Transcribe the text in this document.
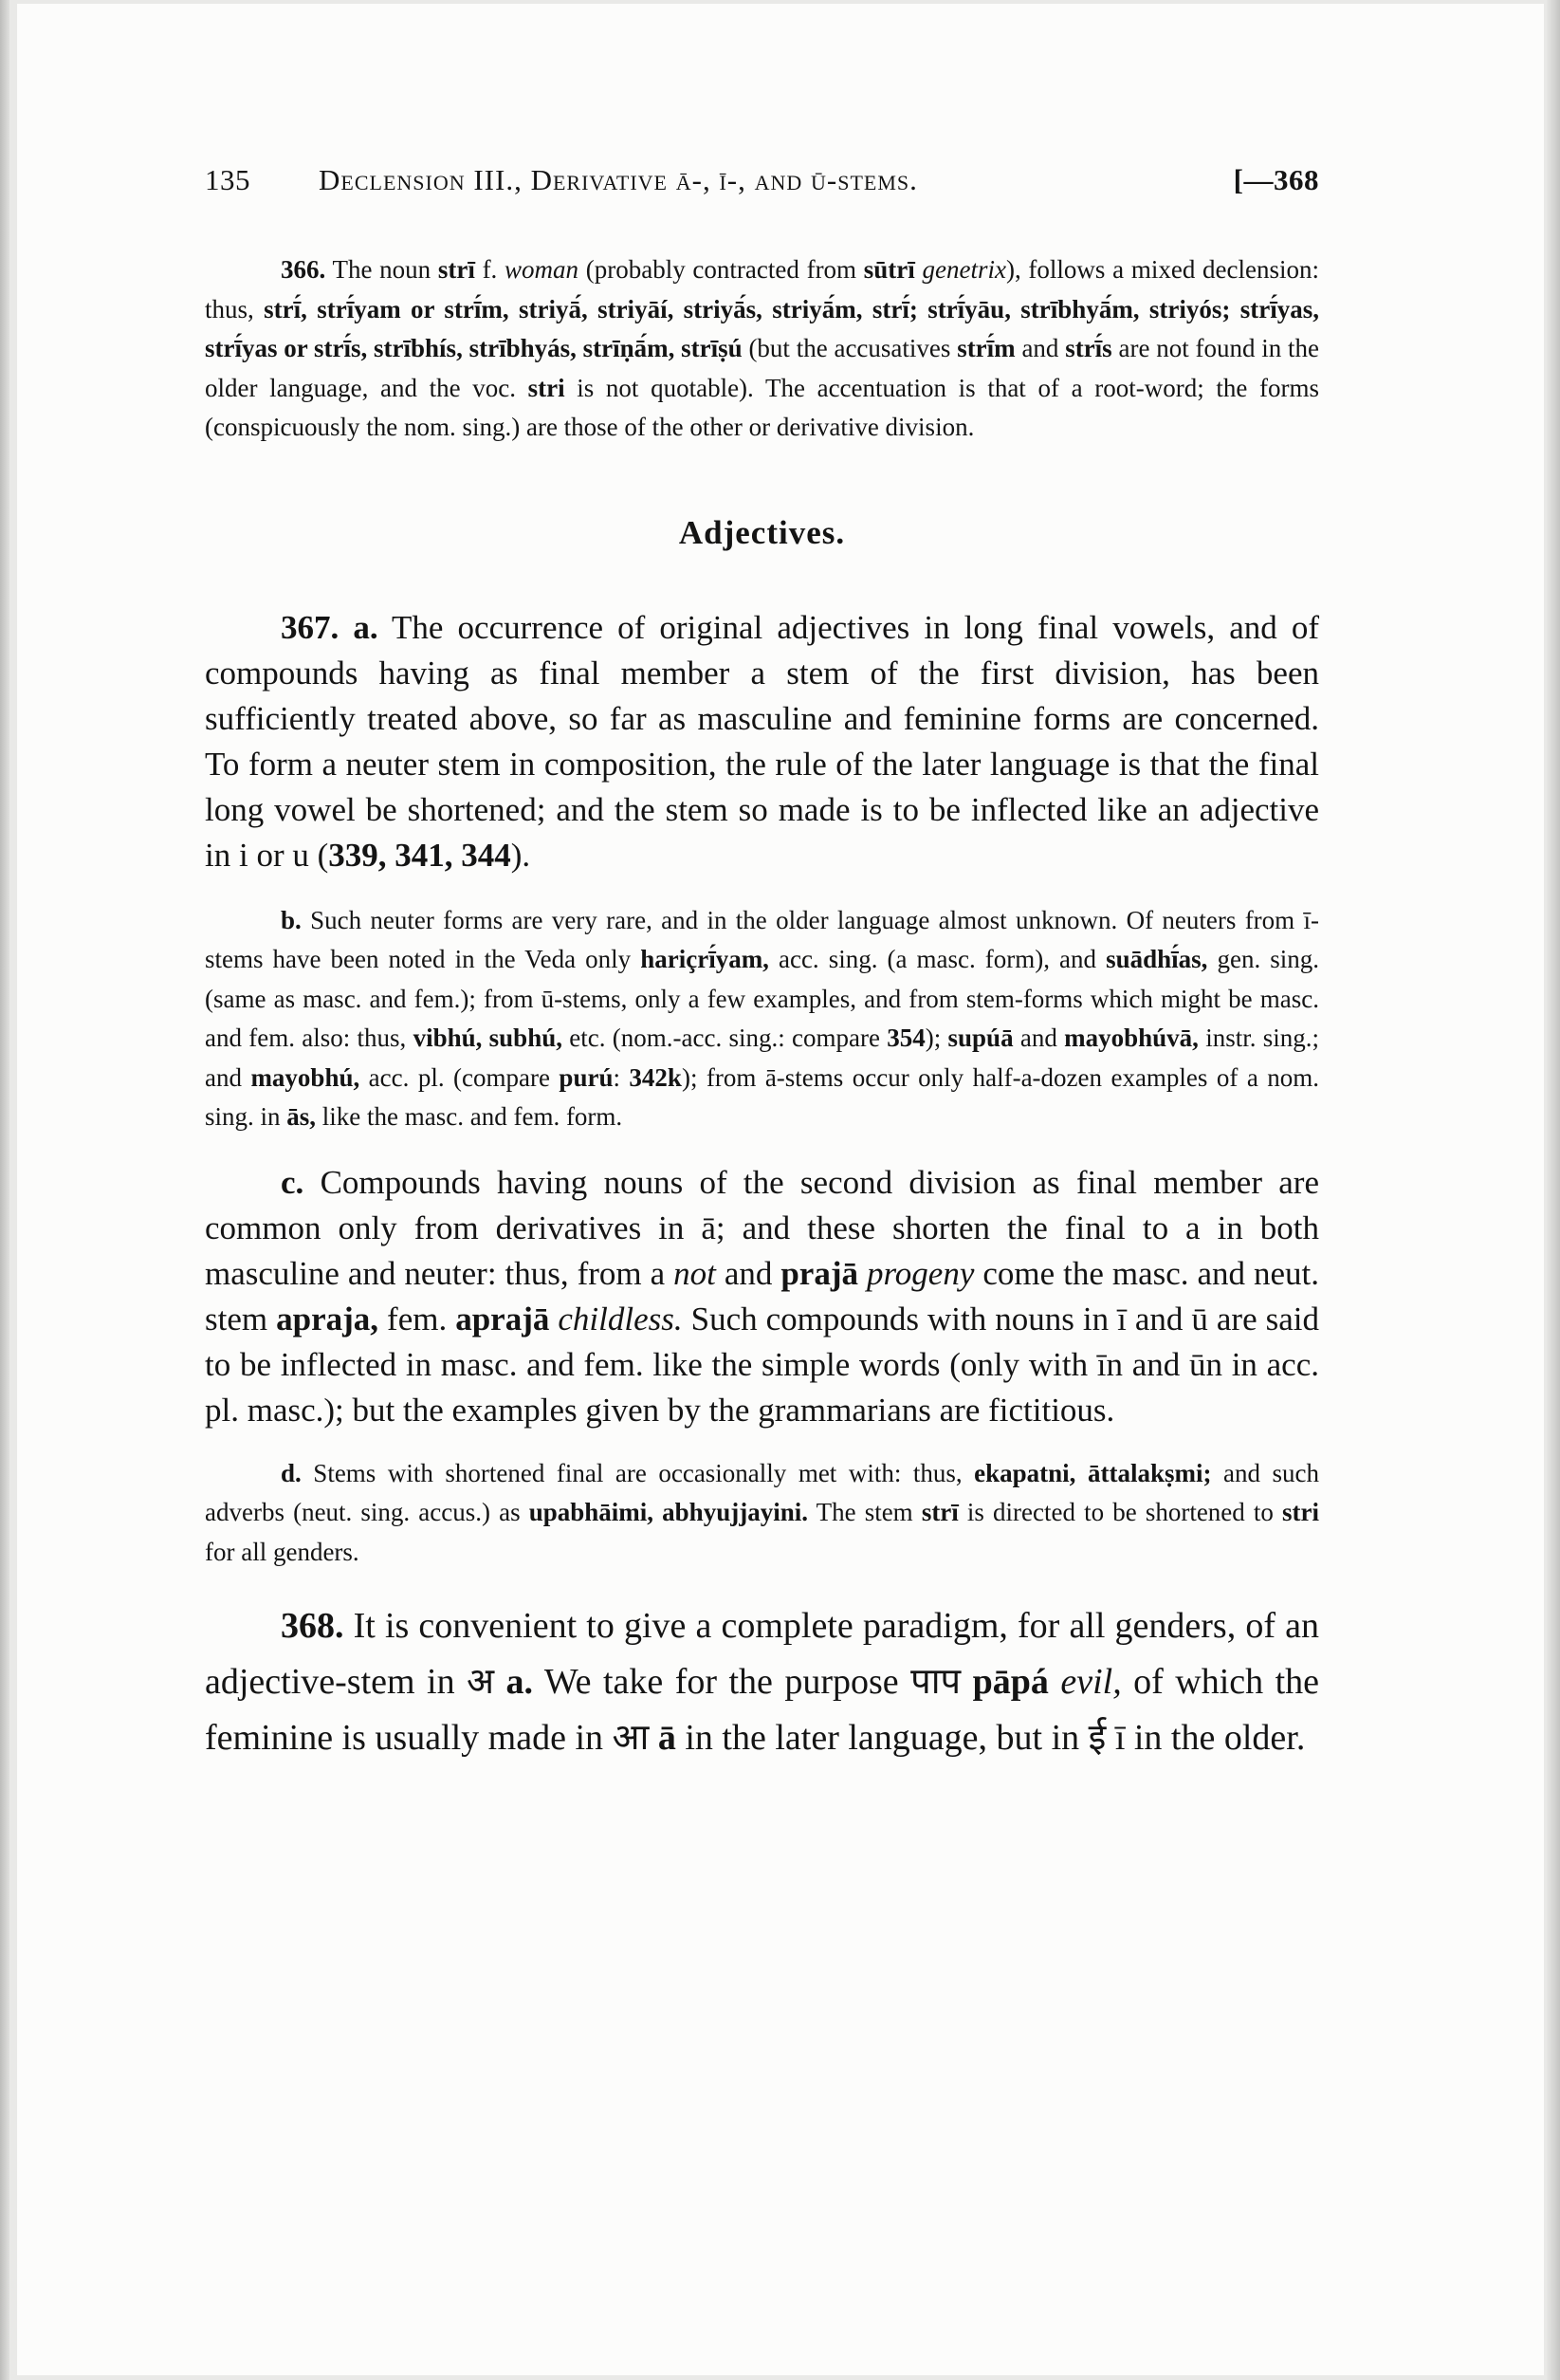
135	Declension III., Derivative ā-, ī-, and ū-stems.	[—368

366. The noun strī f. woman (probably contracted from sūtrī genetrix), follows a mixed declension: thus, strī́, strī́yam or strī́m, striyā́, striyāí, striyā́s, striyā́m, strī́; strī́yāu, strībhyā́m, striyós; strī́yas, strī́yas or strī́s, strībhís, strībhyás, strīṇā́m, strīṣú (but the accusatives strī́m and strī́s are not found in the older language, and the voc. stri is not quotable). The accentuation is that of a root-word; the forms (conspicuously the nom. sing.) are those of the other or derivative division.

Adjectives.

367. a. The occurrence of original adjectives in long final vowels, and of compounds having as final member a stem of the first division, has been sufficiently treated above, so far as masculine and feminine forms are concerned. To form a neuter stem in composition, the rule of the later language is that the final long vowel be shortened; and the stem so made is to be inflected like an adjective in i or u (339, 341, 344).

b. Such neuter forms are very rare, and in the older language almost unknown. Of neuters from ī-stems have been noted in the Veda only hariçrī́yam, acc. sing. (a masc. form), and suādhī́as, gen. sing. (same as masc. and fem.); from ū-stems, only a few examples, and from stem-forms which might be masc. and fem. also: thus, vibhú, subhú, etc. (nom.-acc. sing.: compare 354); supúā and mayobhúvā, instr. sing.; and mayobhú, acc. pl. (compare purú: 342k); from ā-stems occur only half-a-dozen examples of a nom. sing. in ās, like the masc. and fem. form.

c. Compounds having nouns of the second division as final member are common only from derivatives in ā; and these shorten the final to a in both masculine and neuter: thus, from a not and prajā progeny come the masc. and neut. stem apraja, fem. aprajā childless. Such compounds with nouns in ī and ū are said to be inflected in masc. and fem. like the simple words (only with īn and ūn in acc. pl. masc.); but the examples given by the grammarians are fictitious.

d. Stems with shortened final are occasionally met with: thus, ekapatni, āttalakṣmi; and such adverbs (neut. sing. accus.) as upabhāimi, abhyujjayini. The stem strī is directed to be shortened to stri for all genders.

368. It is convenient to give a complete paradigm, for all genders, of an adjective-stem in अ a. We take for the purpose पाप pāpá evil, of which the feminine is usually made in आ ā in the later language, but in ई ī in the older.
